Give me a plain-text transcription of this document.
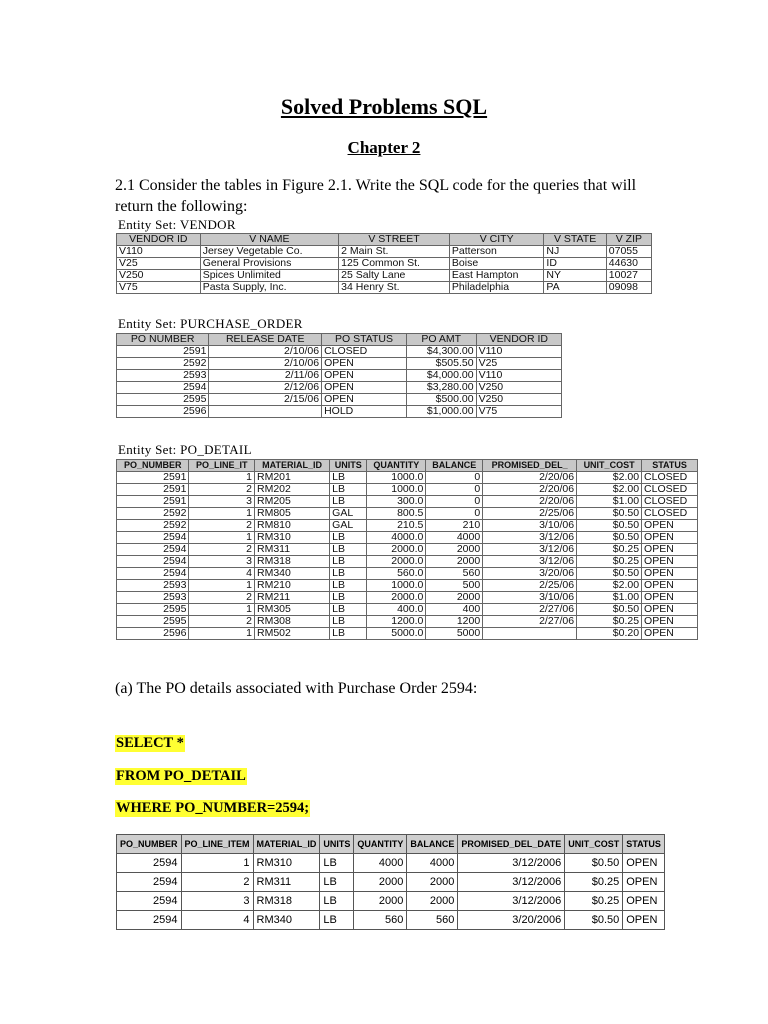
Solved Problems SQL
Chapter 2
2.1 Consider the tables in Figure 2.1. Write the SQL code for the queries that will return the following:
Entity Set: VENDOR
VENDOR ID	V NAME	V STREET	V CITY	V STATE	V ZIP
V110	Jersey Vegetable Co.	2 Main St.	Patterson	NJ	07055
V25	General Provisions	125 Common St.	Boise	ID	44630
V250	Spices Unlimited	25 Salty Lane	East Hampton	NY	10027
V75	Pasta Supply, Inc.	34 Henry St.	Philadelphia	PA	09098
Entity Set: PURCHASE_ORDER
PO NUMBER	RELEASE DATE	PO STATUS	PO AMT	VENDOR ID
2591	2/10/06	CLOSED	$4,300.00	V110
2592	2/10/06	OPEN	$505.50	V25
2593	2/11/06	OPEN	$4,000.00	V110
2594	2/12/06	OPEN	$3,280.00	V250
2595	2/15/06	OPEN	$500.00	V250
2596		HOLD	$1,000.00	V75
Entity Set: PO_DETAIL
PO_NUMBER	PO_LINE_IT	MATERIAL_ID	UNITS	QUANTITY	BALANCE	PROMISED_DEL_	UNIT_COST	STATUS
2591	1	RM201	LB	1000.0	0	2/20/06	$2.00	CLOSED
2591	2	RM202	LB	1000.0	0	2/20/06	$2.00	CLOSED
2591	3	RM205	LB	300.0	0	2/20/06	$1.00	CLOSED
2592	1	RM805	GAL	800.5	0	2/25/06	$0.50	CLOSED
2592	2	RM810	GAL	210.5	210	3/10/06	$0.50	OPEN
2594	1	RM310	LB	4000.0	4000	3/12/06	$0.50	OPEN
2594	2	RM311	LB	2000.0	2000	3/12/06	$0.25	OPEN
2594	3	RM318	LB	2000.0	2000	3/12/06	$0.25	OPEN
2594	4	RM340	LB	560.0	560	3/20/06	$0.50	OPEN
2593	1	RM210	LB	1000.0	500	2/25/06	$2.00	OPEN
2593	2	RM211	LB	2000.0	2000	3/10/06	$1.00	OPEN
2595	1	RM305	LB	400.0	400	2/27/06	$0.50	OPEN
2595	2	RM308	LB	1200.0	1200	2/27/06	$0.25	OPEN
2596	1	RM502	LB	5000.0	5000		$0.20	OPEN
(a) The PO details associated with Purchase Order 2594:
SELECT *
FROM PO_DETAIL
WHERE PO_NUMBER=2594;
PO_NUMBER	PO_LINE_ITEM	MATERIAL_ID	UNITS	QUANTITY	BALANCE	PROMISED_DEL_DATE	UNIT_COST	STATUS
2594	1	RM310	LB	4000	4000	3/12/2006	$0.50	OPEN
2594	2	RM311	LB	2000	2000	3/12/2006	$0.25	OPEN
2594	3	RM318	LB	2000	2000	3/12/2006	$0.25	OPEN
2594	4	RM340	LB	560	560	3/20/2006	$0.50	OPEN
